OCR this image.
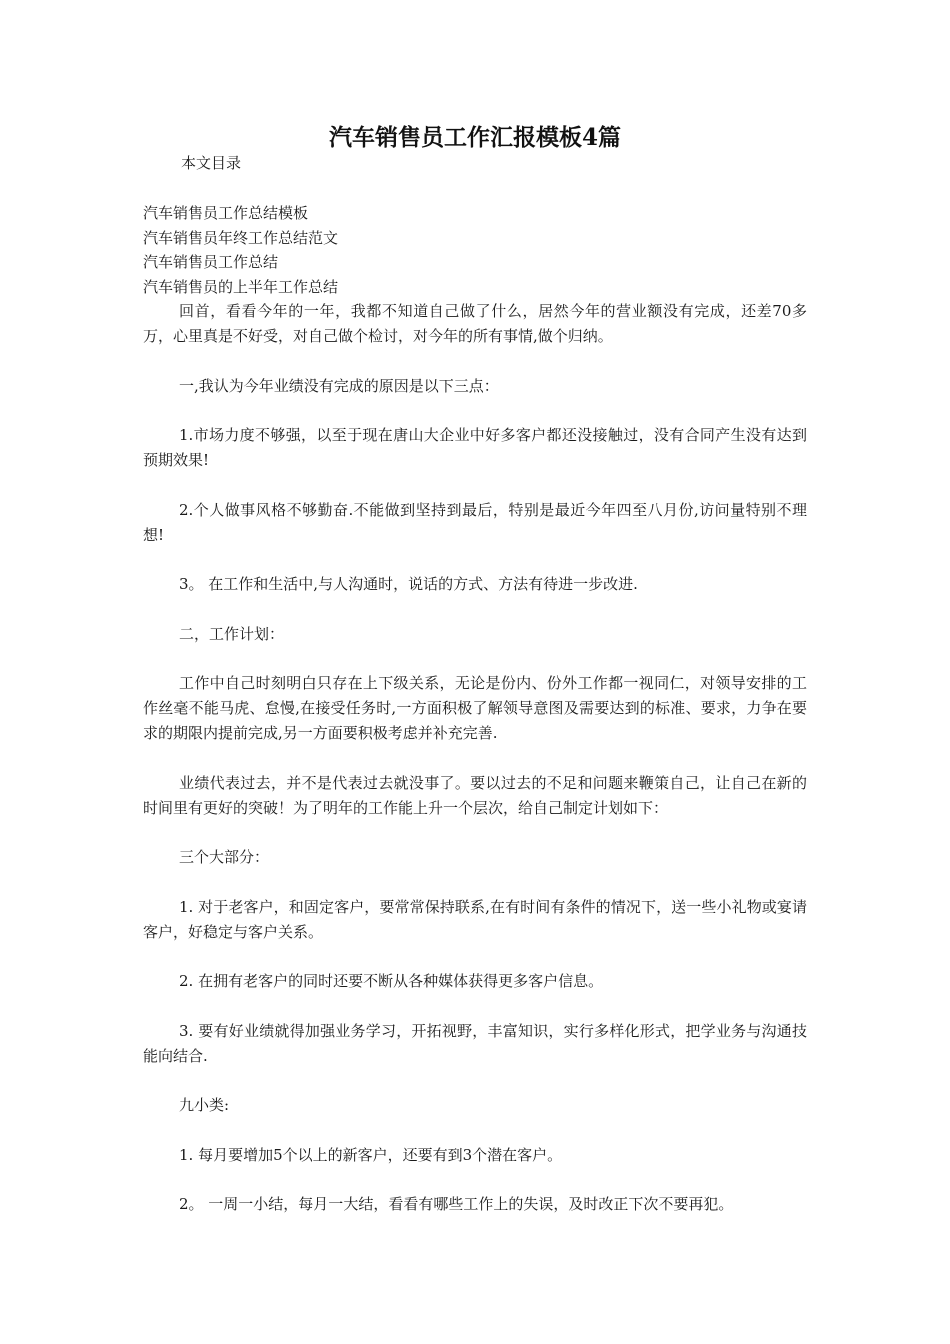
汽车销售员工作汇报模板4篇
本文目录
汽车销售员工作总结模板
汽车销售员年终工作总结范文
汽车销售员工作总结
汽车销售员的上半年工作总结

回首，看看今年的一年，我都不知道自己做了什么，居然今年的营业额没有完成，还差70多万，心里真是不好受，对自己做个检讨，对今年的所有事情,做个归纳。

一,我认为今年业绩没有完成的原因是以下三点：

1.市场力度不够强，以至于现在唐山大企业中好多客户都还没接触过，没有合同产生没有达到预期效果!

2.个人做事风格不够勤奋.不能做到坚持到最后，特别是最近今年四至八月份,访问量特别不理想!

3。 在工作和生活中,与人沟通时，说话的方式、方法有待进一步改进.

二，工作计划：

工作中自己时刻明白只存在上下级关系，无论是份内、份外工作都一视同仁，对领导安排的工作丝毫不能马虎、怠慢,在接受任务时,一方面积极了解领导意图及需要达到的标准、要求，力争在要求的期限内提前完成,另一方面要积极考虑并补充完善.

业绩代表过去，并不是代表过去就没事了。要以过去的不足和问题来鞭策自己，让自己在新的时间里有更好的突破！为了明年的工作能上升一个层次，给自己制定计划如下：

三个大部分：

1. 对于老客户，和固定客户，要常常保持联系,在有时间有条件的情况下，送一些小礼物或宴请客户，好稳定与客户关系。

2. 在拥有老客户的同时还要不断从各种媒体获得更多客户信息。

3. 要有好业绩就得加强业务学习，开拓视野，丰富知识，实行多样化形式，把学业务与沟通技能向结合.

九小类:

1. 每月要增加5个以上的新客户，还要有到3个潜在客户。

2。 一周一小结，每月一大结，看看有哪些工作上的失误，及时改正下次不要再犯。
